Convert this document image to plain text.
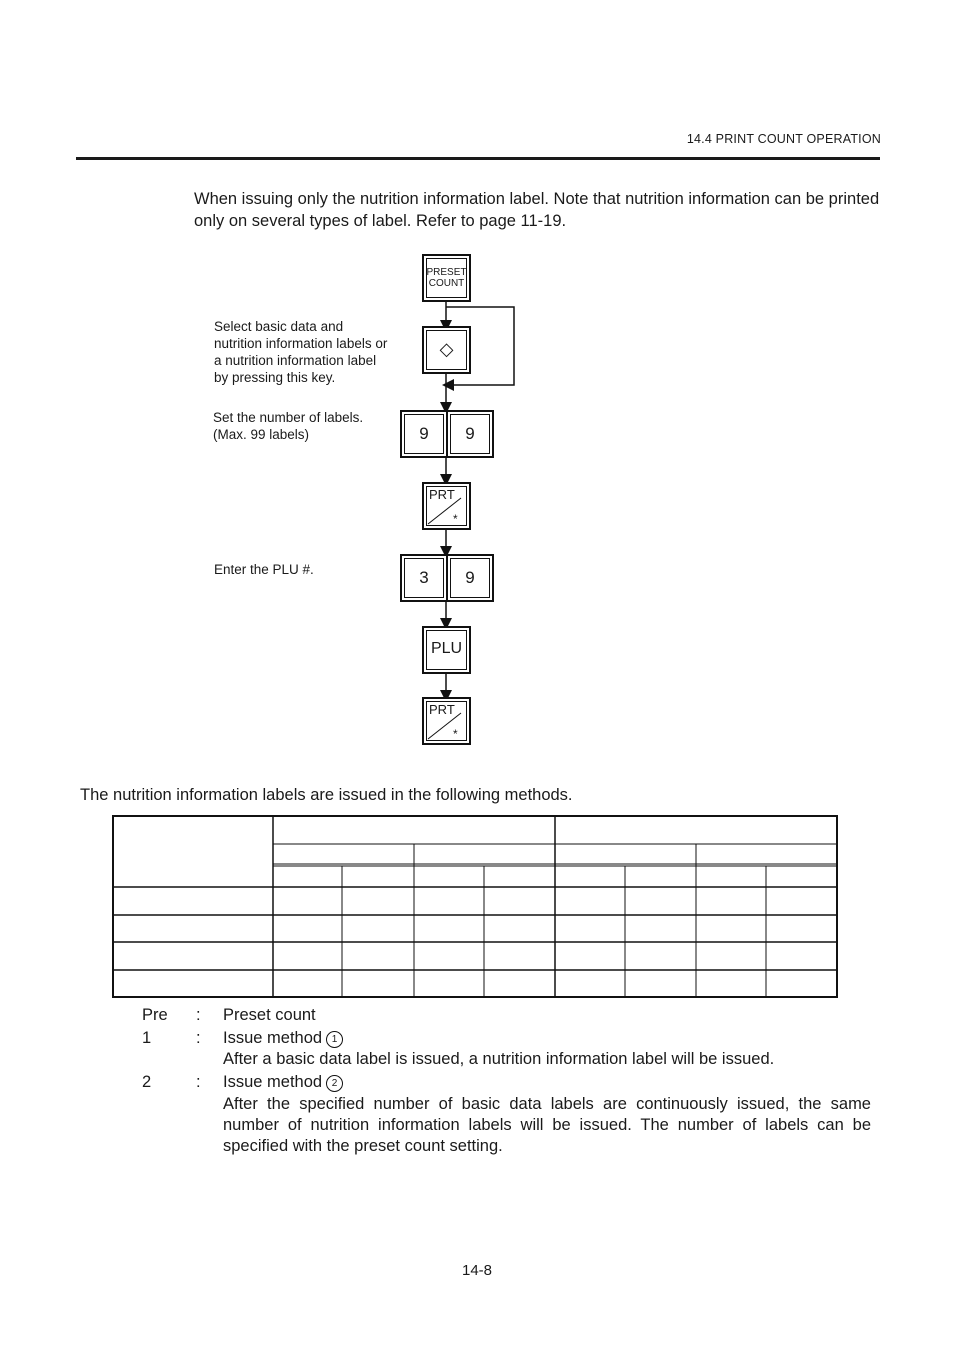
14.4 PRINT COUNT OPERATION
When issuing only the nutrition information label. Note that nutrition information can be printed only on several types of label. Refer to page 11-19.
Select basic data and nutrition information labels or a nutrition information label by pressing this key.
Set the number of labels. (Max. 99 labels)
Enter the PLU #.
PRESET
COUNT
◇
9	9
PRT
*
3	9
PLU
PRT
*
The nutrition information labels are issued in the following methods.
Pre : Preset count
1	: Issue method 1
After a basic data label is issued, a nutrition information label will be issued.
2	: Issue method 2
After the specified number of basic data labels are continuously issued, the same number of nutrition information labels will be issued. The number of labels can be specified with the preset count setting.
14-8
